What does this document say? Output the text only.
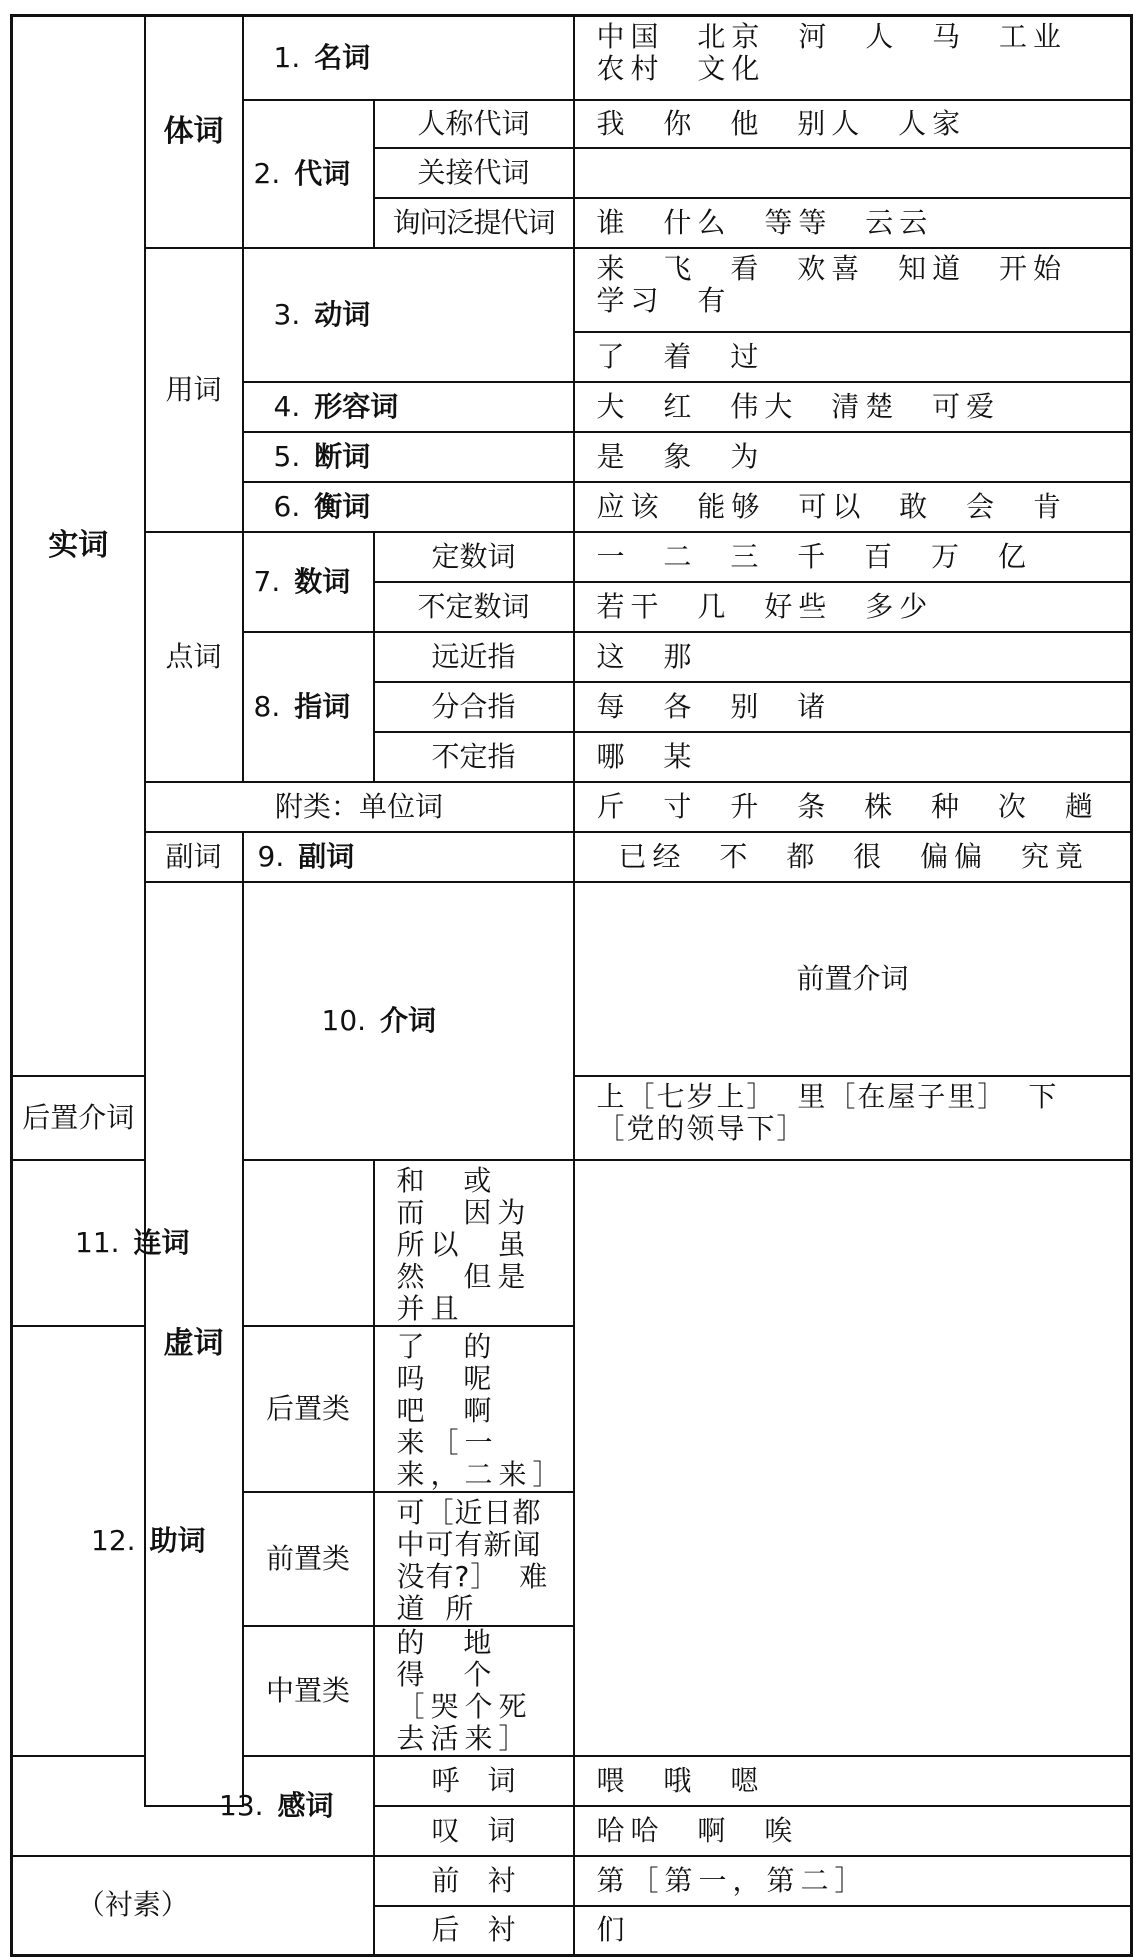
实词	体词	1. 名词		中国 北京 河 人 马 工业 农村 文化	
		2. 代词	人称代词	我 你 他 别人 人家	
			关接代词		
			询问泛提代词	谁 什么 等等 云云	
	用词	3. 动词		来 飞 看 欢喜 知道 开始 学习 有	
				了 着 过	
		4. 形容词		大 红 伟大 清楚 可爱	
		5. 断词		是 象 为	
		6. 衡词		应该 能够 可以 敢 会 肯	
	点词	7. 数词	定数词	一 二 三 千 百 万 亿	
			不定数词	若干 几 好些 多少	
		8. 指词	远近指	这 那	
			分合指	每 各 别 诸	
			不定指	哪 某	
	附类：单位词			斤 寸 升 条 株 种 次 趟	
	副词	9. 副词		已经 不 都 很 偏偏 究竟	
	虚词	10. 介词		前置介词	
后置介词				上［七岁上］ 里［在屋子里］ 下［党的领导下］	
11. 连词			和 或 而 因为 所以 虽然 但是 并且		
12. 助词		后置类	了 的 吗 呢 吧 啊 来［一来，二来］		
		前置类	可［近日都中可有新闻没有?］ 难道 所		
		中置类	的 地 得 个［哭个死去活来］		
13. 感词			呼　词	喂 哦 嗯	
			叹　词	哈哈 啊 唉	
（衬素）			前　衬	第［第一，第二］	
			后　衬	们	
